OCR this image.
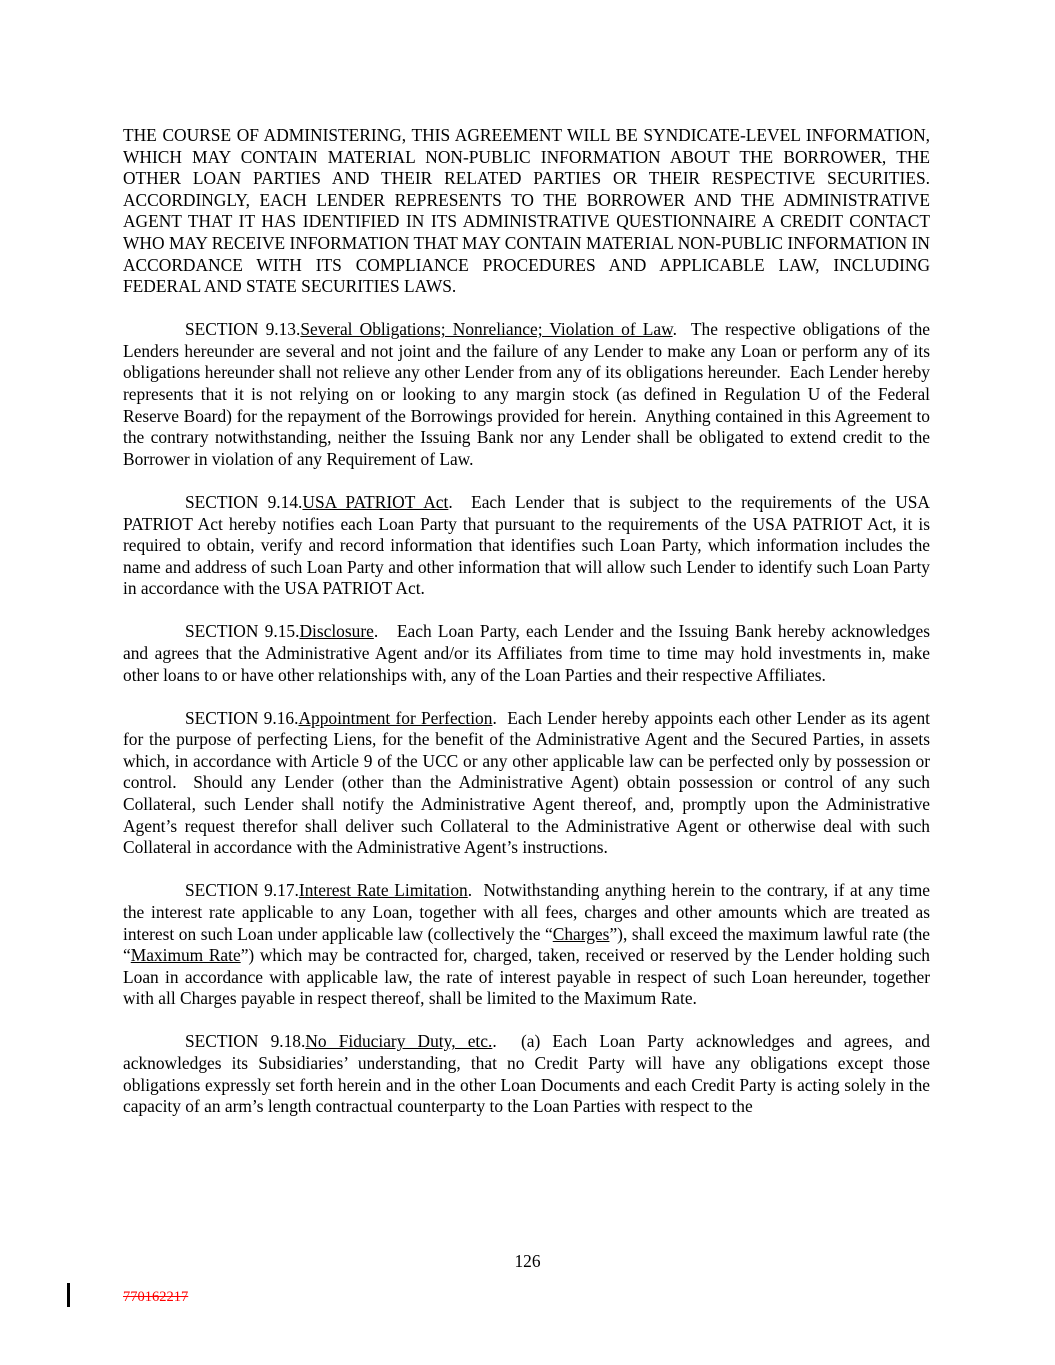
THE COURSE OF ADMINISTERING, THIS AGREEMENT WILL BE SYNDICATE-LEVEL INFORMATION, WHICH MAY CONTAIN MATERIAL NON-PUBLIC INFORMATION ABOUT THE BORROWER, THE OTHER LOAN PARTIES AND THEIR RELATED PARTIES OR THEIR RESPECTIVE SECURITIES.  ACCORDINGLY, EACH LENDER REPRESENTS TO THE BORROWER AND THE ADMINISTRATIVE AGENT THAT IT HAS IDENTIFIED IN ITS ADMINISTRATIVE QUESTIONNAIRE A CREDIT CONTACT WHO MAY RECEIVE INFORMATION THAT MAY CONTAIN MATERIAL NON-PUBLIC INFORMATION IN ACCORDANCE WITH ITS COMPLIANCE PROCEDURES AND APPLICABLE LAW, INCLUDING FEDERAL AND STATE SECURITIES LAWS.

SECTION 9.13.Several Obligations; Nonreliance; Violation of Law.  The respective obligations of the Lenders hereunder are several and not joint and the failure of any Lender to make any Loan or perform any of its obligations hereunder shall not relieve any other Lender from any of its obligations hereunder.  Each Lender hereby represents that it is not relying on or looking to any margin stock (as defined in Regulation U of the Federal Reserve Board) for the repayment of the Borrowings provided for herein.  Anything contained in this Agreement to the contrary notwithstanding, neither the Issuing Bank nor any Lender shall be obligated to extend credit to the Borrower in violation of any Requirement of Law.

SECTION 9.14.USA PATRIOT Act.  Each Lender that is subject to the requirements of the USA PATRIOT Act hereby notifies each Loan Party that pursuant to the requirements of the USA PATRIOT Act, it is required to obtain, verify and record information that identifies such Loan Party, which information includes the name and address of such Loan Party and other information that will allow such Lender to identify such Loan Party in accordance with the USA PATRIOT Act.

SECTION 9.15.Disclosure.   Each Loan Party, each Lender and the Issuing Bank hereby acknowledges and agrees that the Administrative Agent and/or its Affiliates from time to time may hold investments in, make other loans to or have other relationships with, any of the Loan Parties and their respective Affiliates.

SECTION 9.16.Appointment for Perfection.  Each Lender hereby appoints each other Lender as its agent for the purpose of perfecting Liens, for the benefit of the Administrative Agent and the Secured Parties, in assets which, in accordance with Article 9 of the UCC or any other applicable law can be perfected only by possession or control.  Should any Lender (other than the Administrative Agent) obtain possession or control of any such Collateral, such Lender shall notify the Administrative Agent thereof, and, promptly upon the Administrative Agent’s request therefor shall deliver such Collateral to the Administrative Agent or otherwise deal with such Collateral in accordance with the Administrative Agent’s instructions.

SECTION 9.17.Interest Rate Limitation.  Notwithstanding anything herein to the contrary, if at any time the interest rate applicable to any Loan, together with all fees, charges and other amounts which are treated as interest on such Loan under applicable law (collectively the “Charges”), shall exceed the maximum lawful rate (the “Maximum Rate”) which may be contracted for, charged, taken, received or reserved by the Lender holding such Loan in accordance with applicable law, the rate of interest payable in respect of such Loan hereunder, together with all Charges payable in respect thereof, shall be limited to the Maximum Rate.

SECTION 9.18.No Fiduciary Duty, etc..  (a) Each Loan Party acknowledges and agrees, and acknowledges its Subsidiaries’ understanding, that no Credit Party will have any obligations except those obligations expressly set forth herein and in the other Loan Documents and each Credit Party is acting solely in the capacity of an arm’s length contractual counterparty to the Loan Parties with respect to the

126
770162217
